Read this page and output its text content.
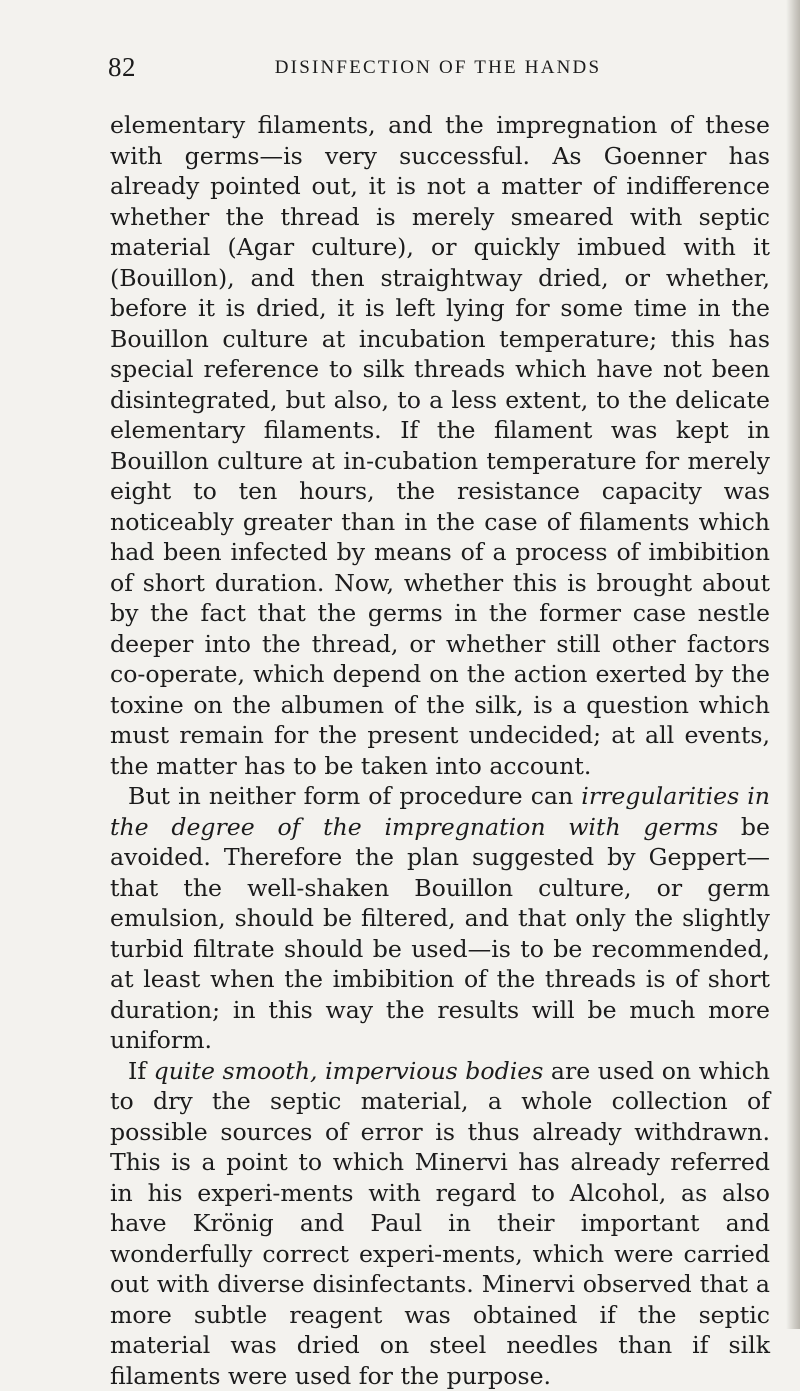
82	DISINFECTION OF THE HANDS

elementary filaments, and the impregnation of these with germs—is very successful. As Goenner has already pointed out, it is not a matter of indifference whether the thread is merely smeared with septic material (Agar culture), or quickly imbued with it (Bouillon), and then straightway dried, or whether, before it is dried, it is left lying for some time in the Bouillon culture at incubation temperature; this has special reference to silk threads which have not been disintegrated, but also, to a less extent, to the delicate elementary filaments. If the filament was kept in Bouillon culture at in-cubation temperature for merely eight to ten hours, the resistance capacity was noticeably greater than in the case of filaments which had been infected by means of a process of imbibition of short duration. Now, whether this is brought about by the fact that the germs in the former case nestle deeper into the thread, or whether still other factors co-operate, which depend on the action exerted by the toxine on the albumen of the silk, is a question which must remain for the present undecided; at all events, the matter has to be taken into account.

But in neither form of procedure can irregularities in the degree of the impregnation with germs be avoided. Therefore the plan suggested by Geppert—that the well-shaken Bouillon culture, or germ emulsion, should be filtered, and that only the slightly turbid filtrate should be used—is to be recommended, at least when the imbibition of the threads is of short duration; in this way the results will be much more uniform.

If quite smooth, impervious bodies are used on which to dry the septic material, a whole collection of possible sources of error is thus already withdrawn. This is a point to which Minervi has already referred in his experi-ments with regard to Alcohol, as also have Krönig and Paul in their important and wonderfully correct experi-ments, which were carried out with diverse disinfectants. Minervi observed that a more subtle reagent was obtained if the septic material was dried on steel needles than if silk filaments were used for the purpose.
